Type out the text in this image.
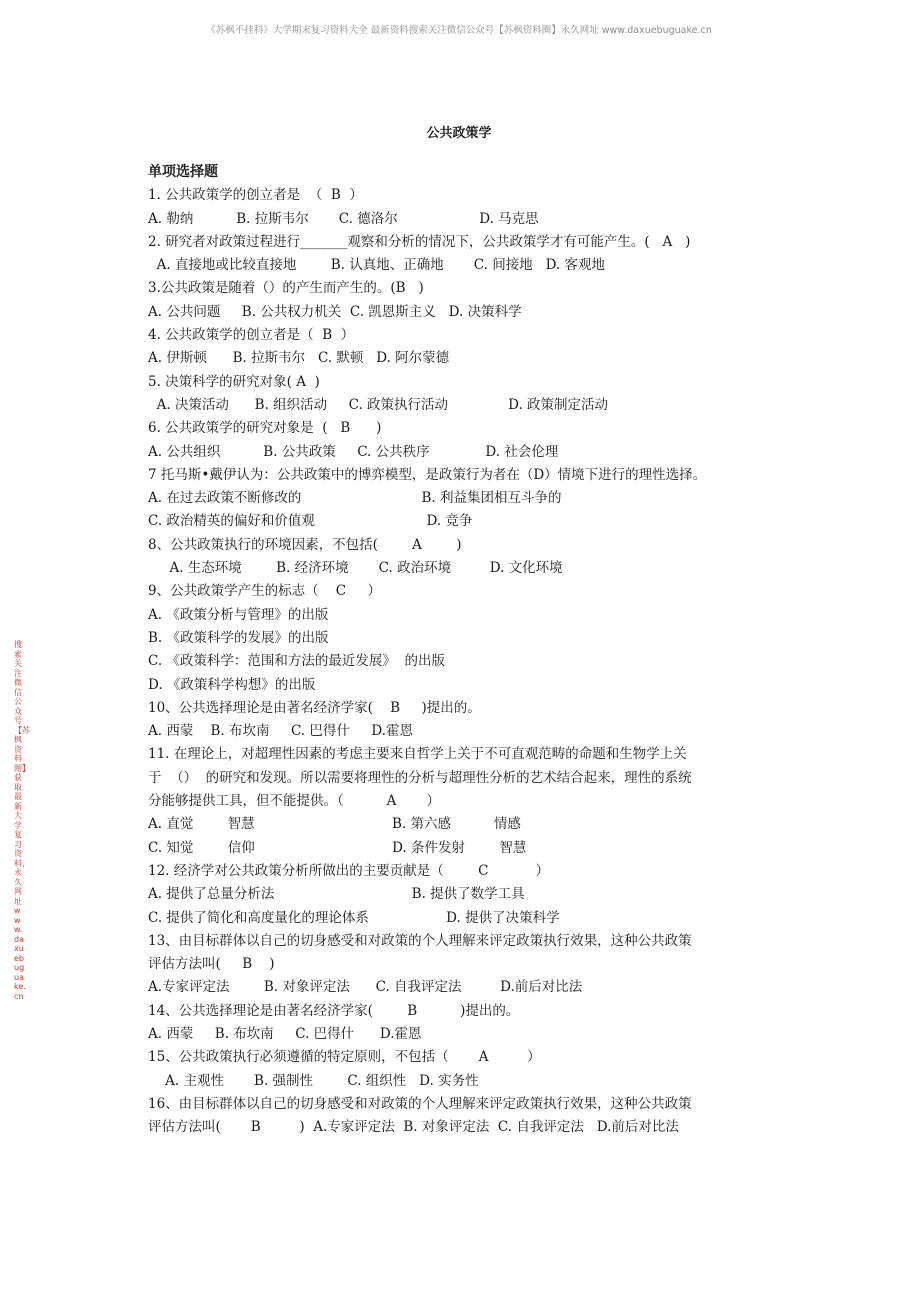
《苏枫不挂科》大学期末复习资料大全 最新资料搜索关注微信公众号【苏枫资料圈】永久网址 www.daxuebuguake.cn
搜索关注微信公众号【苏枫资料圈】获取最新大学复习资料，永久网址www.daxuebuguake.cn
公共政策学
单项选择题
1. 公共政策学的创立者是  （  B  ）
A. 勒纳          B. 拉斯韦尔       C. 德洛尔                   D. 马克思
2. 研究者对政策过程进行_______观察和分析的情况下，公共政策学才有可能产生。(   A   )
A. 直接地或比较直接地        B. 认真地、正确地       C. 间接地   D. 客观地
3.公共政策是随着（）的产生而产生的。(B   )
A. 公共问题     B. 公共权力机关  C. 凯恩斯主义   D. 决策科学
4. 公共政策学的创立者是（  B  ）
A. 伊斯顿      B. 拉斯韦尔   C. 默顿   D. 阿尔蒙德
5. 决策科学的研究对象( A  )
A. 决策活动      B. 组织活动     C. 政策执行活动              D. 政策制定活动
6. 公共政策学的研究对象是  (   B      )
A. 公共组织          B. 公共政策     C. 公共秩序             D. 社会伦理
7 托马斯•戴伊认为：公共政策中的博弈模型，是政策行为者在（D）情境下进行的理性选择。
A. 在过去政策不断修改的                            B. 利益集团相互斗争的
C. 政治精英的偏好和价值观                          D. 竞争
8、公共政策执行的环境因素，不包括(        A        )
A. 生态环境        B. 经济环境       C. 政治环境         D. 文化环境
9、公共政策学产生的标志（    C     ）
A. 《政策分析与管理》的出版
B. 《政策科学的发展》的出版
C. 《政策科学：范围和方法的最近发展》  的出版
D. 《政策科学构想》的出版
10、公共选择理论是由著名经济学家(    B     )提出的。
A. 西蒙    B. 布坎南     C. 巴得什     D.霍恩
11. 在理论上，对超理性因素的考虑主要来自哲学上关于不可直观范畴的命题和生物学上关
于  （）  的研究和发现。所以需要将理性的分析与超理性分析的艺术结合起来，理性的系统
分能够提供工具，但不能提供。（          A       ）
A. 直觉        智慧                                B. 第六感          情感
C. 知觉        信仰                                D. 条件发射        智慧
12. 经济学对公共政策分析所做出的主要贡献是（        C           ）
A. 提供了总量分析法                                B. 提供了数学工具
C. 提供了简化和高度量化的理论体系                  D. 提供了决策科学
13、由目标群体以自己的切身感受和对政策的个人理解来评定政策执行效果，这种公共政策
评估方法叫(     B    )
A.专家评定法        B. 对象评定法      C. 自我评定法         D.前后对比法
14、公共选择理论是由著名经济学家(        B          )提出的。
A. 西蒙     B. 布坎南     C. 巴得什      D.霍恩
15、公共政策执行必须遵循的特定原则，不包括（       A         ）
A. 主观性       B. 强制性        C. 组织性   D. 实务性
16、由目标群体以自己的切身感受和对政策的个人理解来评定政策执行效果，这种公共政策
评估方法叫(       B         )  A.专家评定法  B. 对象评定法  C. 自我评定法   D.前后对比法
